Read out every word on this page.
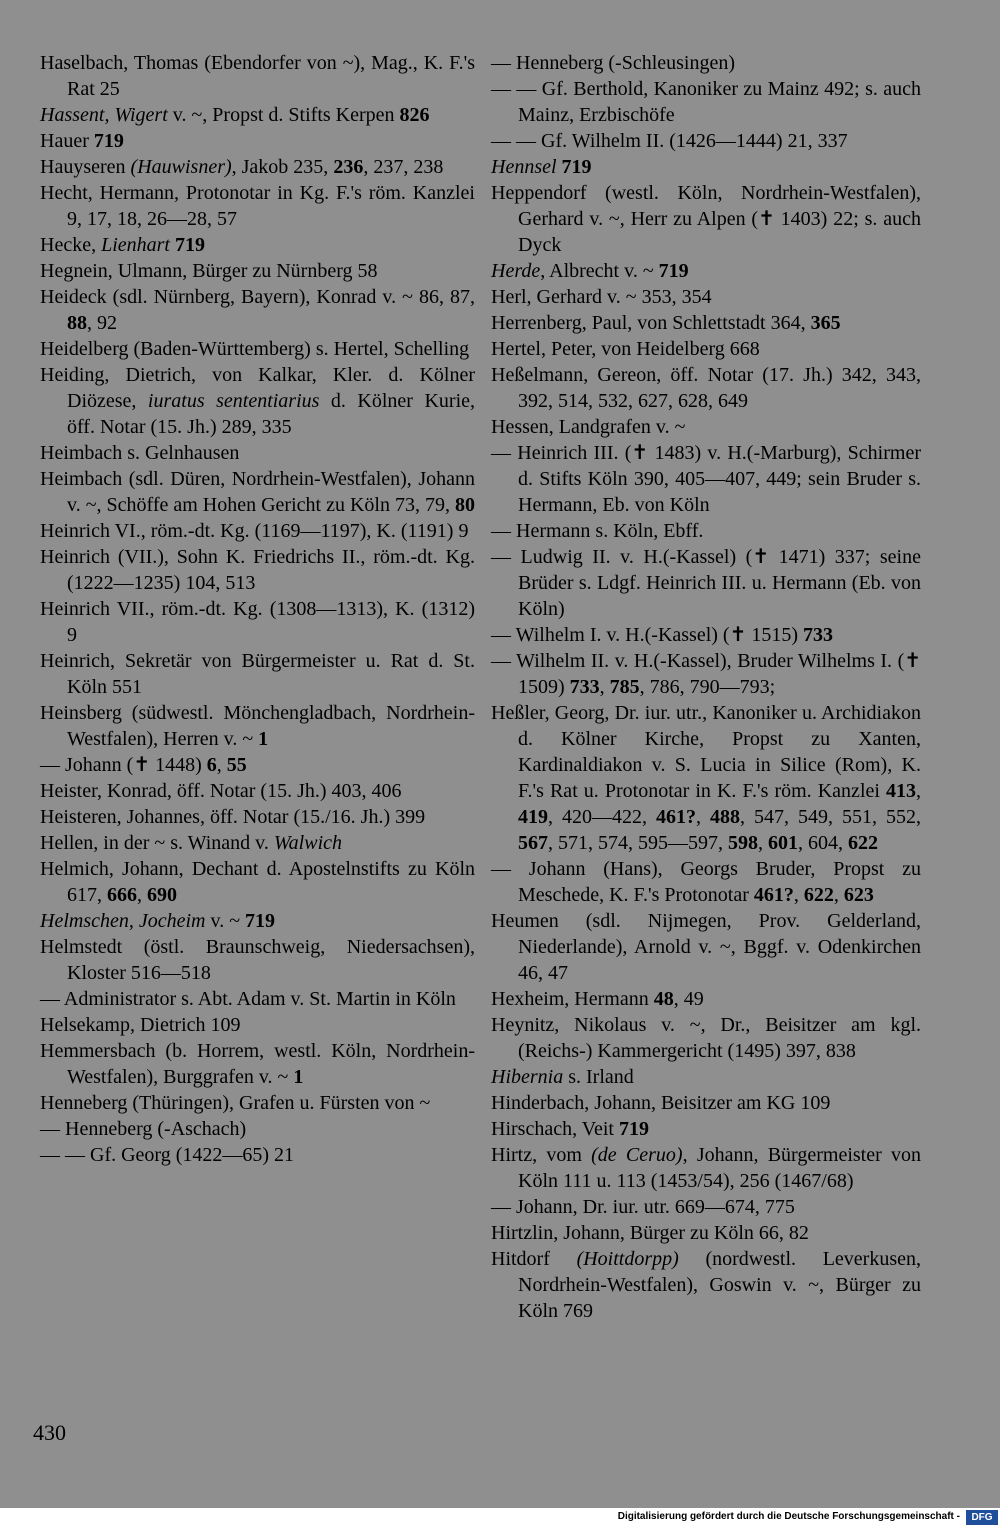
Haselbach, Thomas (Ebendorfer von ~), Mag., K. F.'s Rat 25
Hassent, Wigert v. ~, Propst d. Stifts Kerpen 826
Hauer 719
Hauyseren (Hauwisner), Jakob 235, 236, 237, 238
Hecht, Hermann, Protonotar in Kg. F.'s röm. Kanzlei 9, 17, 18, 26—28, 57
Hecke, Lienhart 719
Hegnein, Ulmann, Bürger zu Nürnberg 58
Heideck (sdl. Nürnberg, Bayern), Konrad v. ~ 86, 87, 88, 92
Heidelberg (Baden-Württemberg) s. Hertel, Schelling
Heiding, Dietrich, von Kalkar, Kler. d. Kölner Diözese, iuratus sententiarius d. Kölner Kurie, öff. Notar (15. Jh.) 289, 335
Heimbach s. Gelnhausen
Heimbach (sdl. Düren, Nordrhein-Westfalen), Johann v. ~, Schöffe am Hohen Gericht zu Köln 73, 79, 80
Heinrich VI., röm.-dt. Kg. (1169—1197), K. (1191) 9
Heinrich (VII.), Sohn K. Friedrichs II., röm.-dt. Kg. (1222—1235) 104, 513
Heinrich VII., röm.-dt. Kg. (1308—1313), K. (1312) 9
Heinrich, Sekretär von Bürgermeister u. Rat d. St. Köln 551
Heinsberg (südwestl. Mönchengladbach, Nordrhein-Westfalen), Herren v. ~ 1
— Johann (✝ 1448) 6, 55
Heister, Konrad, öff. Notar (15. Jh.) 403, 406
Heisteren, Johannes, öff. Notar (15./16. Jh.) 399
Hellen, in der ~ s. Winand v. Walwich
Helmich, Johann, Dechant d. Apostelnstifts zu Köln 617, 666, 690
Helmschen, Jocheim v. ~ 719
Helmstedt (östl. Braunschweig, Niedersachsen), Kloster 516—518
— Administrator s. Abt. Adam v. St. Martin in Köln
Helsekamp, Dietrich 109
Hemmersbach (b. Horrem, westl. Köln, Nordrhein-Westfalen), Burggrafen v. ~ 1
Henneberg (Thüringen), Grafen u. Fürsten von ~
— Henneberg (-Aschach)
— — Gf. Georg (1422—65) 21
— Henneberg (-Schleusingen)
— — Gf. Berthold, Kanoniker zu Mainz 492; s. auch Mainz, Erzbischöfe
— — Gf. Wilhelm II. (1426—1444) 21, 337
Hennsel 719
Heppendorf (westl. Köln, Nordrhein-Westfalen), Gerhard v. ~, Herr zu Alpen (✝ 1403) 22; s. auch Dyck
Herde, Albrecht v. ~ 719
Herl, Gerhard v. ~ 353, 354
Herrenberg, Paul, von Schlettstadt 364, 365
Hertel, Peter, von Heidelberg 668
Heßelmann, Gereon, öff. Notar (17. Jh.) 342, 343, 392, 514, 532, 627, 628, 649
Hessen, Landgrafen v. ~
— Heinrich III. (✝ 1483) v. H.(-Marburg), Schirmer d. Stifts Köln 390, 405—407, 449; sein Bruder s. Hermann, Eb. von Köln
— Hermann s. Köln, Ebff.
— Ludwig II. v. H.(-Kassel) (✝ 1471) 337; seine Brüder s. Ldgf. Heinrich III. u. Hermann (Eb. von Köln)
— Wilhelm I. v. H.(-Kassel) (✝ 1515) 733
— Wilhelm II. v. H.(-Kassel), Bruder Wilhelms I. (✝ 1509) 733, 785, 786, 790—793;
Heßler, Georg, Dr. iur. utr., Kanoniker u. Archidiakon d. Kölner Kirche, Propst zu Xanten, Kardinaldiakon v. S. Lucia in Silice (Rom), K. F.'s Rat u. Protonotar in K. F.'s röm. Kanzlei 413, 419, 420—422, 461?, 488, 547, 549, 551, 552, 567, 571, 574, 595—597, 598, 601, 604, 622
— Johann (Hans), Georgs Bruder, Propst zu Meschede, K. F.'s Protonotar 461?, 622, 623
Heumen (sdl. Nijmegen, Prov. Gelderland, Niederlande), Arnold v. ~, Bggf. v. Odenkirchen 46, 47
Hexheim, Hermann 48, 49
Heynitz, Nikolaus v. ~, Dr., Beisitzer am kgl. (Reichs-) Kammergericht (1495) 397, 838
Hibernia s. Irland
Hinderbach, Johann, Beisitzer am KG 109
Hirschach, Veit 719
Hirtz, vom (de Ceruo), Johann, Bürgermeister von Köln 111 u. 113 (1453/54), 256 (1467/68)
— Johann, Dr. iur. utr. 669—674, 775
Hirtzlin, Johann, Bürger zu Köln 66, 82
Hitdorf (Hoittdorpp) (nordwestl. Leverkusen, Nordrhein-Westfalen), Goswin v. ~, Bürger zu Köln 769
430
Digitalisierung gefördert durch die Deutsche Forschungsgemeinschaft -	DFG
